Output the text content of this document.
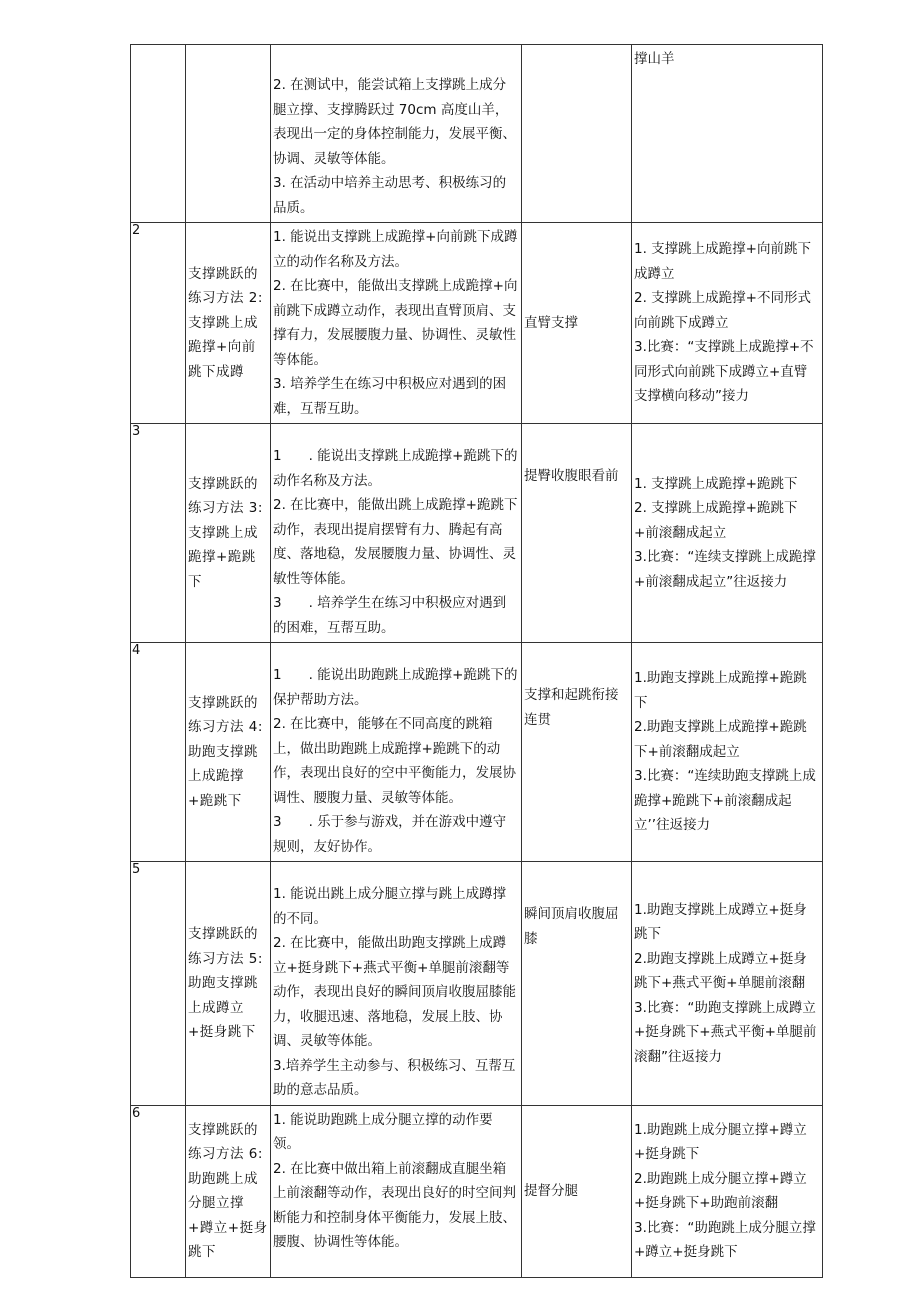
		2. 在测试中，能尝试箱上支撑跳上成分腿立撑、支撑腾跃过 70cm 高度山羊，表现出一定的身体控制能力，发展平衡、协调、灵敏等体能。
3. 在活动中培养主动思考、积极练习的品质。		撑山羊

2	支撑跳跃的练习方法 2:支撑跳上成跪撑+向前跳下成蹲	1. 能说出支撑跳上成跪撑+向前跳下成蹲立的动作名称及方法。
2. 在比赛中，能做出支撑跳上成跪撑+向前跳下成蹲立动作，表现出直臂顶肩、支撑有力，发展腰腹力量、协调性、灵敏性等体能。
3. 培养学生在练习中积极应对遇到的困难，互帮互助。	直臂支撑	1. 支撑跳上成跪撑+向前跳下成蹲立
2. 支撑跳上成跪撑+不同形式向前跳下成蹲立
3.比赛：“支撑跳上成跪撑+不同形式向前跳下成蹲立+直臂支撑横向移动”接力

3	支撑跳跃的练习方法 3:支撑跳上成跪撑+跪跳下	1　　. 能说出支撑跳上成跪撑+跪跳下的动作名称及方法。
2. 在比赛中，能做出跳上成跪撑+跪跳下动作，表现出提肩摆臂有力、腾起有高度、落地稳，发展腰腹力量、协调性、灵敏性等体能。
3　　. 培养学生在练习中积极应对遇到的困难，互帮互助。	提臀收腹眼看前	1. 支撑跳上成跪撑+跪跳下
2. 支撑跳上成跪撑+跪跳下+前滚翻成起立
3.比赛：“连续支撑跳上成跪撑+前滚翻成起立”往返接力

4	支撑跳跃的练习方法 4:助跑支撑跳上成跪撑+跪跳下	1　　. 能说出助跑跳上成跪撑+跪跳下的保护帮助方法。
2. 在比赛中，能够在不同高度的跳箱上，做出助跑跳上成跪撑+跪跳下的动作，表现出良好的空中平衡能力，发展协调性、腰腹力量、灵敏等体能。
3　　. 乐于参与游戏，并在游戏中遵守规则，友好协作。	支撑和起跳衔接连贯	1.助跑支撑跳上成跪撑+跪跳下
2.助跑支撑跳上成跪撑+跪跳下+前滚翻成起立
3.比赛：“连续助跑支撑跳上成跪撑+跪跳下+前滚翻成起立’’往返接力

5	支撑跳跃的练习方法 5:助跑支撑跳上成蹲立+挺身跳下	1. 能说出跳上成分腿立撑与跳上成蹲撑的不同。
2. 在比赛中，能做出助跑支撑跳上成蹲立+挺身跳下+燕式平衡+单腿前滚翻等动作，表现出良好的瞬间顶肩收腹屈膝能力，收腿迅速、落地稳，发展上肢、协调、灵敏等体能。
3.培养学生主动参与、积极练习、互帮互助的意志品质。	瞬间顶肩收腹屈膝	1.助跑支撑跳上成蹲立+挺身跳下
2.助跑支撑跳上成蹲立+挺身跳下+燕式平衡+单腿前滚翻
3.比赛：“助跑支撑跳上成蹲立+挺身跳下+燕式平衡+单腿前滚翻”往返接力

6	支撑跳跃的练习方法 6:助跑跳上成分腿立撑+蹲立+挺身跳下	1. 能说助跑跳上成分腿立撑的动作要领。
2. 在比赛中做出箱上前滚翻成直腿坐箱上前滚翻等动作，表现出良好的时空间判断能力和控制身体平衡能力，发展上肢、腰腹、协调性等体能。	提督分腿	1.助跑跳上成分腿立撑+蹲立+挺身跳下
2.助跑跳上成分腿立撑+蹲立+挺身跳下+助跑前滚翻
3.比赛：“助跑跳上成分腿立撑+蹲立+挺身跳下
